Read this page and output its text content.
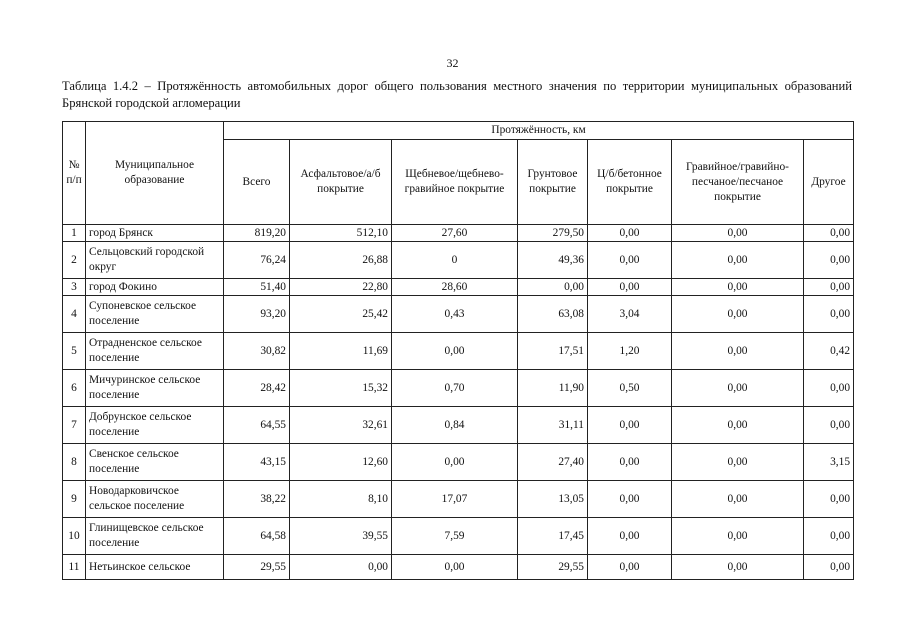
32
Таблица 1.4.2 – Протяжённость автомобильных дорог общего пользования местного значения по территории муниципальных образований Брянской городской агломерации
№ п/п	Муниципальное образование	Протяжённость, км						
		Всего	Асфальтовое/а/б покрытие	Щебневое/щебнево-гравийное покрытие	Грунтовое покрытие	Ц/б/бетонное покрытие	Гравийное/гравийно-песчаное/песчаное покрытие	Другое
1	город Брянск	819,20	512,10	27,60	279,50	0,00	0,00	0,00
2	Сельцовский городской округ	76,24	26,88	0	49,36	0,00	0,00	0,00
3	город Фокино	51,40	22,80	28,60	0,00	0,00	0,00	0,00
4	Супоневское сельское поселение	93,20	25,42	0,43	63,08	3,04	0,00	0,00
5	Отрадненское сельское поселение	30,82	11,69	0,00	17,51	1,20	0,00	0,42
6	Мичуринское сельское поселение	28,42	15,32	0,70	11,90	0,50	0,00	0,00
7	Добрунское сельское поселение	64,55	32,61	0,84	31,11	0,00	0,00	0,00
8	Свенское сельское поселение	43,15	12,60	0,00	27,40	0,00	0,00	3,15
9	Новодарковичское сельское поселение	38,22	8,10	17,07	13,05	0,00	0,00	0,00
10	Глинищевское сельское поселение	64,58	39,55	7,59	17,45	0,00	0,00	0,00
11	Нетьинское сельское	29,55	0,00	0,00	29,55	0,00	0,00	0,00
